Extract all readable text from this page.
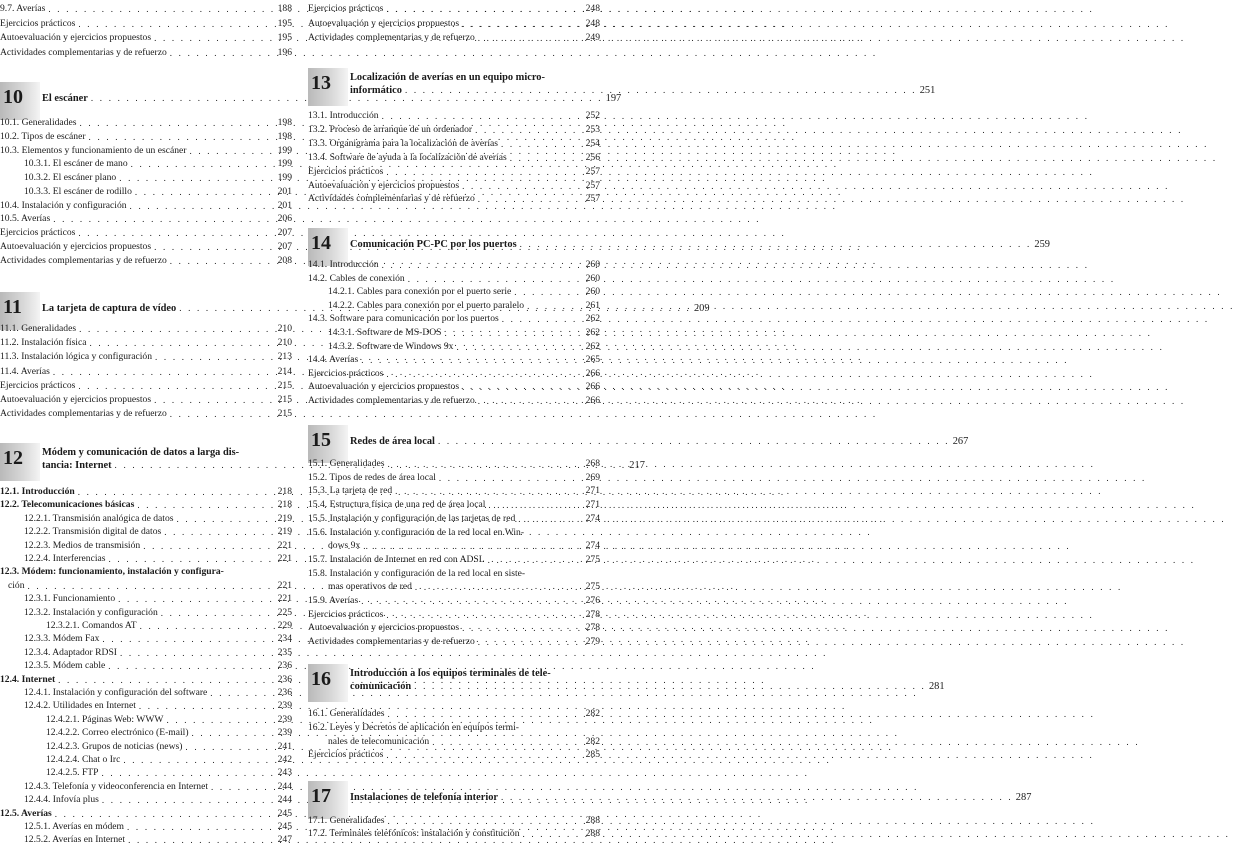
9.7. Averías . . .	188
Ejercicios prácticos . . .	195
Autoevaluación y ejercicios propuestos . . .	195
Actividades complementarias y de refuerzo . . .	196
10 El escáner . . .	197
10.1. Generalidades . . .	198
10.2. Tipos de escáner . . .	198
10.3. Elementos y funcionamiento de un escáner . . .	199
10.3.1. El escáner de mano . . .	199
10.3.2. El escáner plano . . .	199
10.3.3. El escáner de rodillo . . .	201
10.4. Instalación y configuración . . .	201
10.5. Averías . . .	206
Ejercicios prácticos . . .	207
Autoevaluación y ejercicios propuestos . . .	207
Actividades complementarias y de refuerzo . . .	208
11 La tarjeta de captura de vídeo . . .	209
11.1. Generalidades . . .	210
11.2. Instalación física . . .	210
11.3. Instalación lógica y configuración . . .	213
11.4. Averías . . .	214
Ejercicios prácticos . . .	215
Autoevaluación y ejercicios propuestos . . .	215
Actividades complementarias y de refuerzo . . .	215
12 Módem y comunicación de datos a larga dis-
tancia: Internet . . .	217
12.1. Introducción . . .	218
12.2. Telecomunicaciones básicas . . .	218
12.2.1. Transmisión analógica de datos . . .	219
12.2.2. Transmisión digital de datos . . .	219
12.2.3. Medios de transmisión . . .	221
12.2.4. Interferencias . . .	221
12.3. Módem: funcionamiento, instalación y configura-
ción . . .	221
12.3.1. Funcionamiento . . .	221
12.3.2. Instalación y configuración . . .	225
12.3.2.1. Comandos AT . . .	229
12.3.3. Módem Fax . . .	234
12.3.4. Adaptador RDSI . . .	235
12.3.5. Módem cable . . .	236
12.4. Internet . . .	236
12.4.1. Instalación y configuración del software . . .	236
12.4.2. Utilidades en Internet . . .	239
12.4.2.1. Páginas Web: WWW . . .	239
12.4.2.2. Correo electrónico (E-mail) . . .	239
12.4.2.3. Grupos de noticias (news) . . .	241
12.4.2.4. Chat o Irc . . .	242
12.4.2.5. FTP . . .	243
12.4.3. Telefonía y videoconferencia en Internet . . .	244
12.4.4. Infovía plus . . .	244
12.5. Averías . . .	245
12.5.1. Averías en módem . . .	245
12.5.2. Averías en Internet . . .	247
Ejercicios prácticos . . .	248
Autoevaluación y ejercicios propuestos . . .	248
Actividades complementarias y de refuerzo . . .	249
13 Localización de averías en un equipo micro-
informático . . .	251
13.1. Introducción . . .	252
13.2. Proceso de arranque de un ordenador . . .	253
13.3. Organigrama para la localización de averías . . .	254
13.4. Software de ayuda a la localización de averías . . .	256
Ejercicios prácticos . . .	257
Autoevaluación y ejercicios propuestos . . .	257
Actividades complementarias y de refuerzo . . .	257
14 Comunicación PC-PC por los puertos . . .	259
14.1. Introducción . . .	260
14.2. Cables de conexión . . .	260
14.2.1. Cables para conexión por el puerto serie . . .	260
14.2.2. Cables para conexión por el puerto paralelo . . .	261
14.3. Software para comunicación por los puertos . . .	262
14.3.1. Software de MS-DOS . . .	262
14.3.2. Software de Windows 9x . . .	262
14.4. Averías . . .	265
Ejercicios prácticos . . .	266
Autoevaluación y ejercicios propuestos . . .	266
Actividades complementarias y de refuerzo . . .	266
15 Redes de área local . . .	267
15.1. Generalidades . . .	268
15.2. Tipos de redes de área local . . .	269
15.3. La tarjeta de red . . .	271
15.4. Estructura física de una red de área local . . .	271
15.5. Instalación y configuración de las tarjetas de red . . .	274
15.6. Instalación y configuración de la red local en Win-
dows 9x . . .	274
15.7. Instalación de Internet en red con ADSL . . .	275
15.8. Instalación y configuración de la red local en siste-
mas operativos de red . . .	275
15.9. Averías . . .	276
Ejercicios prácticos . . .	278
Autoevaluación y ejercicios propuestos . . .	278
Actividades complementarias y de refuerzo . . .	279
16 Introducción a los equipos terminales de tele-
comunicación . . .	281
16.1. Generalidades . . .	282
16.2. Leyes y Decretos de aplicación en equipos termi-
nales de telecomunicación . . .	282
Ejercicios prácticos . . .	285
17 Instalaciones de telefonía interior . . .	287
17.1. Generalidades . . .	288
17.2. Terminales telefónicos: instalación y constitución . . .	288
